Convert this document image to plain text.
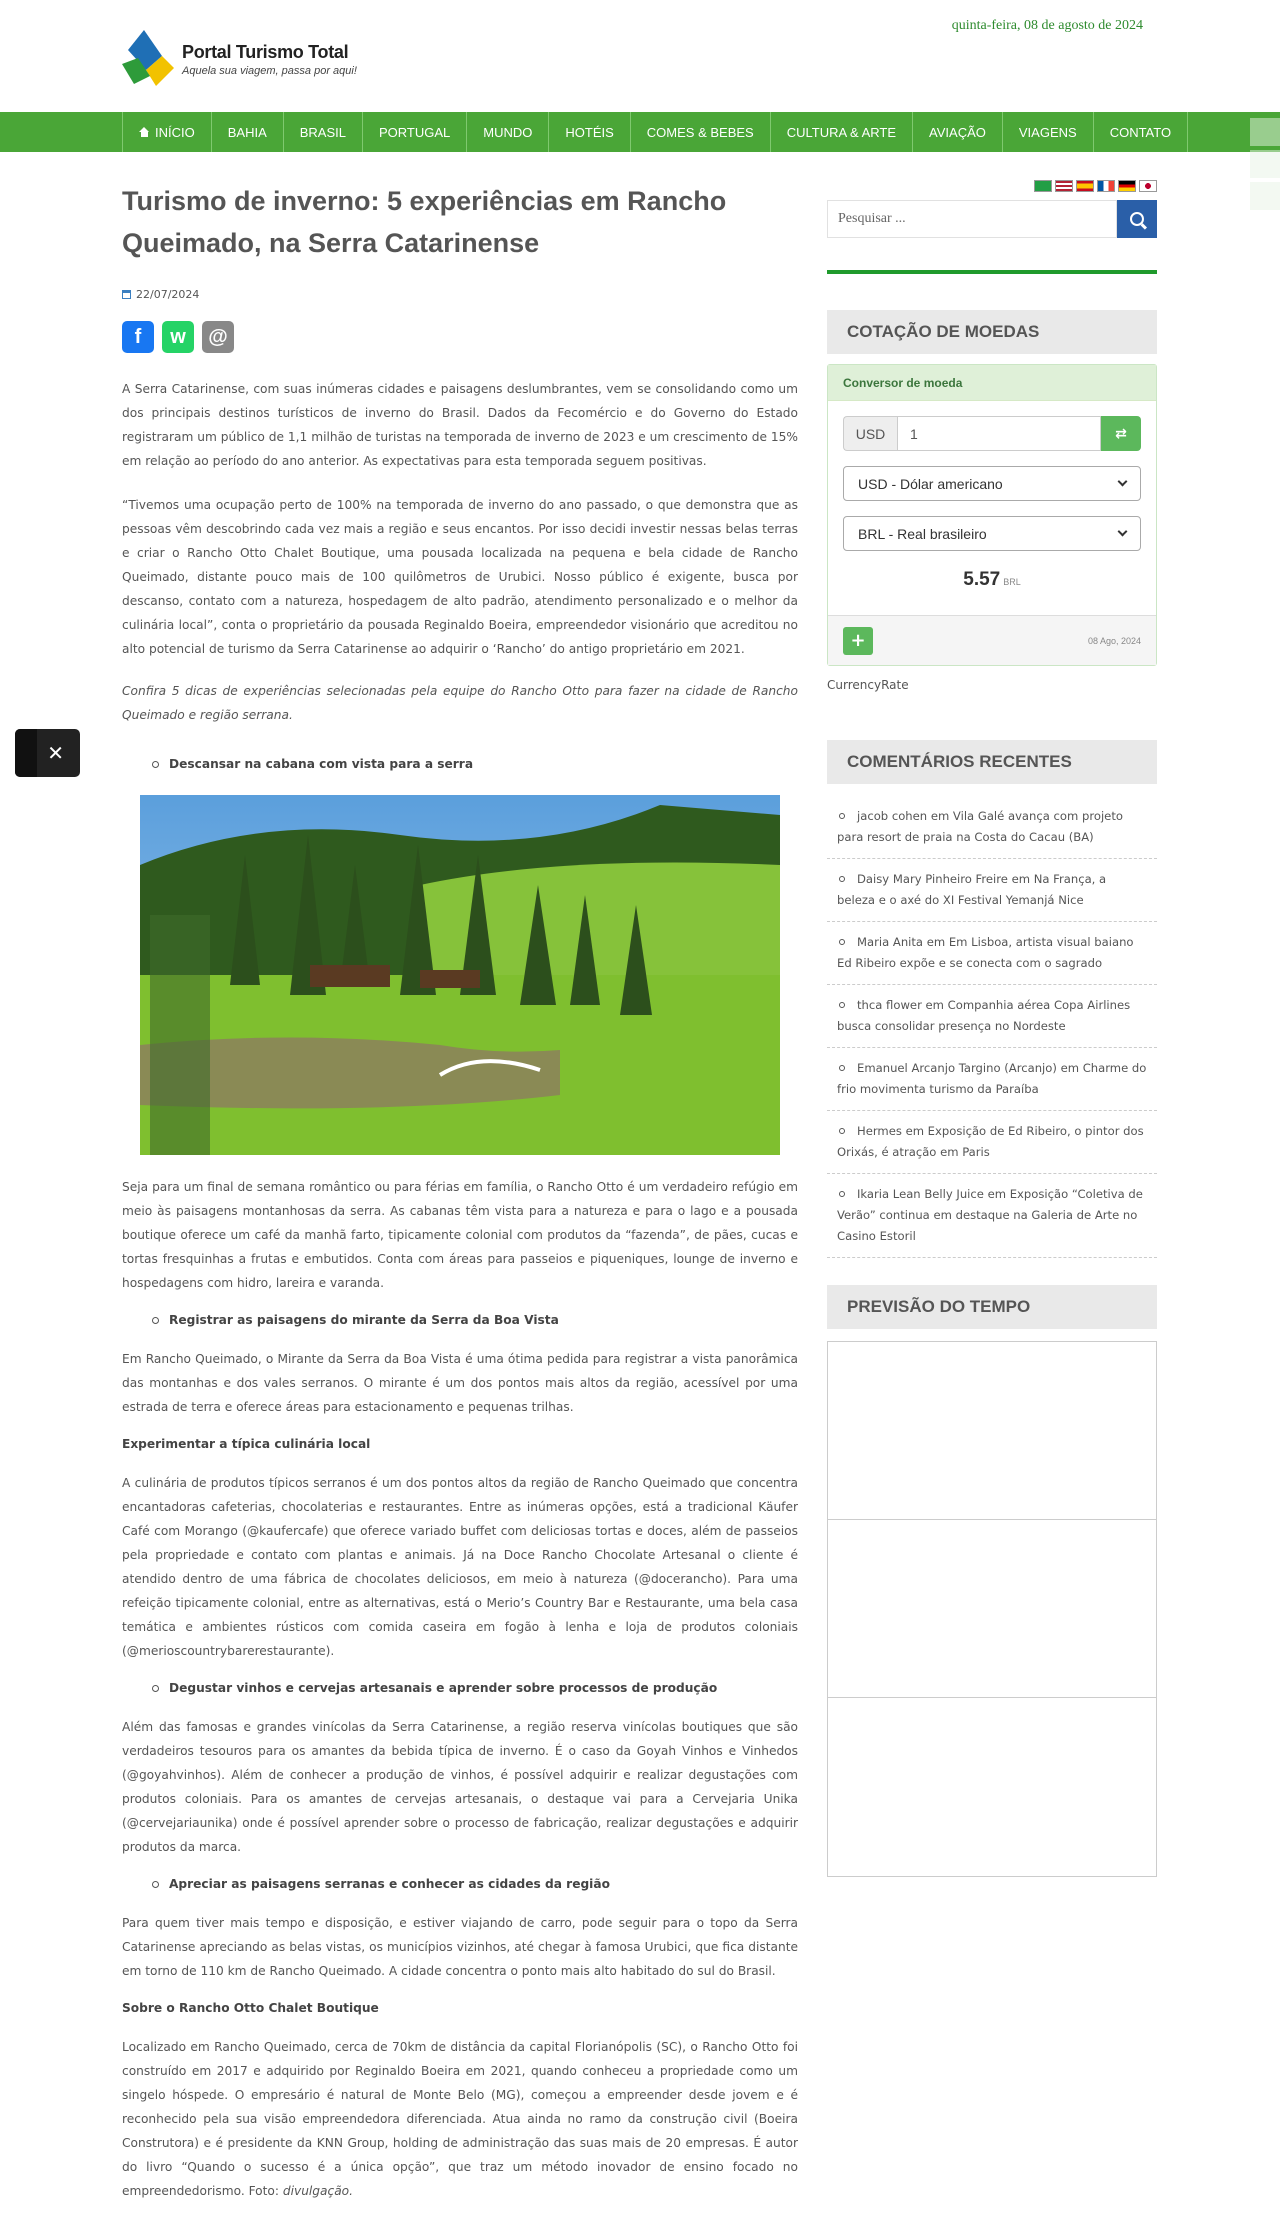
Portal Turismo Total
Aquela sua viagem, passa por aqui!
quinta-feira, 08 de agosto de 2024
INÍCIO	BAHIA	BRASIL	PORTUGAL	MUNDO	HOTÉIS	COMES & BEBES	CULTURA & ARTE	AVIAÇÃO	VIAGENS	CONTATO
Turismo de inverno: 5 experiências em Rancho Queimado, na Serra Catarinense
22/07/2024
f w @

A Serra Catarinense, com suas inúmeras cidades e paisagens deslumbrantes, vem se consolidando como um dos principais destinos turísticos de inverno do Brasil. Dados da Fecomércio e do Governo do Estado registraram um público de 1,1 milhão de turistas na temporada de inverno de 2023 e um crescimento de 15% em relação ao período do ano anterior. As expectativas para esta temporada seguem positivas.

“Tivemos uma ocupação perto de 100% na temporada de inverno do ano passado, o que demonstra que as pessoas vêm descobrindo cada vez mais a região e seus encantos. Por isso decidi investir nessas belas terras e criar o Rancho Otto Chalet Boutique, uma pousada localizada na pequena e bela cidade de Rancho Queimado, distante pouco mais de 100 quilômetros de Urubici. Nosso público é exigente, busca por descanso, contato com a natureza, hospedagem de alto padrão, atendimento personalizado e o melhor da culinária local”, conta o proprietário da pousada Reginaldo Boeira, empreendedor visionário que acreditou no alto potencial de turismo da Serra Catarinense ao adquirir o ‘Rancho’ do antigo proprietário em 2021.

Confira 5 dicas de experiências selecionadas pela equipe do Rancho Otto para fazer na cidade de Rancho Queimado e região serrana.

Descansar na cabana com vista para a serra

Seja para um final de semana romântico ou para férias em família, o Rancho Otto é um verdadeiro refúgio em meio às paisagens montanhosas da serra. As cabanas têm vista para a natureza e para o lago e a pousada boutique oferece um café da manhã farto, tipicamente colonial com produtos da “fazenda”, de pães, cucas e tortas fresquinhas a frutas e embutidos. Conta com áreas para passeios e piqueniques, lounge de inverno e hospedagens com hidro, lareira e varanda.

Registrar as paisagens do mirante da Serra da Boa Vista

Em Rancho Queimado, o Mirante da Serra da Boa Vista é uma ótima pedida para registrar a vista panorâmica das montanhas e dos vales serranos. O mirante é um dos pontos mais altos da região, acessível por uma estrada de terra e oferece áreas para estacionamento e pequenas trilhas.

Experimentar a típica culinária local

A culinária de produtos típicos serranos é um dos pontos altos da região de Rancho Queimado que concentra encantadoras cafeterias, chocolaterias e restaurantes. Entre as inúmeras opções, está a tradicional Käufer Café com Morango (@kaufercafe) que oferece variado buffet com deliciosas tortas e doces, além de passeios pela propriedade e contato com plantas e animais. Já na Doce Rancho Chocolate Artesanal o cliente é atendido dentro de uma fábrica de chocolates deliciosos, em meio à natureza (@docerancho). Para uma refeição tipicamente colonial, entre as alternativas, está o Merio’s Country Bar e Restaurante, uma bela casa temática e ambientes rústicos com comida caseira em fogão à lenha e loja de produtos coloniais (@merioscountrybarerestaurante).

Degustar vinhos e cervejas artesanais e aprender sobre processos de produção

Além das famosas e grandes vinícolas da Serra Catarinense, a região reserva vinícolas boutiques que são verdadeiros tesouros para os amantes da bebida típica de inverno. É o caso da Goyah Vinhos e Vinhedos (@goyahvinhos). Além de conhecer a produção de vinhos, é possível adquirir e realizar degustações com produtos coloniais. Para os amantes de cervejas artesanais, o destaque vai para a Cervejaria Unika (@cervejariaunika) onde é possível aprender sobre o processo de fabricação, realizar degustações e adquirir produtos da marca.

Apreciar as paisagens serranas e conhecer as cidades da região

Para quem tiver mais tempo e disposição, e estiver viajando de carro, pode seguir para o topo da Serra Catarinense apreciando as belas vistas, os municípios vizinhos, até chegar à famosa Urubici, que fica distante em torno de 110 km de Rancho Queimado. A cidade concentra o ponto mais alto habitado do sul do Brasil.

Sobre o Rancho Otto Chalet Boutique

Localizado em Rancho Queimado, cerca de 70km de distância da capital Florianópolis (SC), o Rancho Otto foi construído em 2017 e adquirido por Reginaldo Boeira em 2021, quando conheceu a propriedade como um singelo hóspede. O empresário é natural de Monte Belo (MG), começou a empreender desde jovem e é reconhecido pela sua visão empreendedora diferenciada. Atua ainda no ramo da construção civil (Boeira Construtora) e é presidente da KNN Group, holding de administração das suas mais de 20 empresas. É autor do livro “Quando o sucesso é a única opção”, que traz um método inovador de ensino focado no empreendedorismo. Foto: divulgação.

Pesquisar ...
COTAÇÃO DE MOEDAS
Conversor de moeda
USD	1	⇄
USD - Dólar americano
BRL - Real brasileiro
5.57 BRL
+	08 Ago, 2024
CurrencyRate
COMENTÁRIOS RECENTES
jacob cohen em Vila Galé avança com projeto para resort de praia na Costa do Cacau (BA)
Daisy Mary Pinheiro Freire em Na França, a beleza e o axé do XI Festival Yemanjá Nice
Maria Anita em Em Lisboa, artista visual baiano Ed Ribeiro expõe e se conecta com o sagrado
thca flower em Companhia aérea Copa Airlines busca consolidar presença no Nordeste
Emanuel Arcanjo Targino (Arcanjo) em Charme do frio movimenta turismo da Paraíba
Hermes em Exposição de Ed Ribeiro, o pintor dos Orixás, é atração em Paris
Ikaria Lean Belly Juice em Exposição “Coletiva de Verão” continua em destaque na Galeria de Arte no Casino Estoril
PREVISÃO DO TEMPO
✕
